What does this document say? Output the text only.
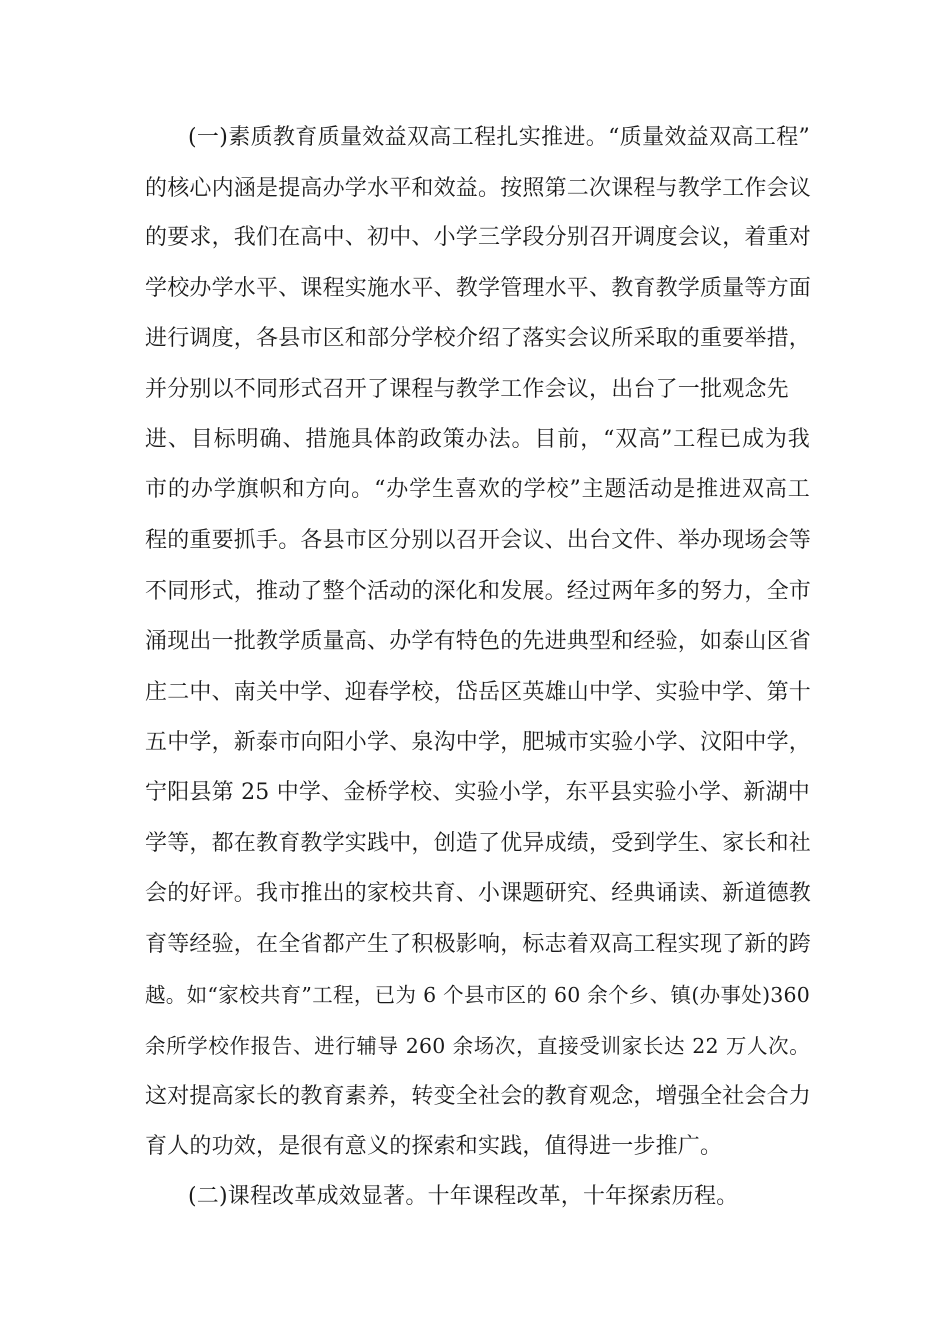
(一)素质教育质量效益双高工程扎实推进。“质量效益双高工程”
的核心内涵是提高办学水平和效益。按照第二次课程与教学工作会议
的要求，我们在高中、初中、小学三学段分别召开调度会议，着重对
学校办学水平、课程实施水平、教学管理水平、教育教学质量等方面
进行调度，各县市区和部分学校介绍了落实会议所采取的重要举措，
并分别以不同形式召开了课程与教学工作会议，出台了一批观念先
进、目标明确、措施具体韵政策办法。目前，“双高”工程已成为我
市的办学旗帜和方向。“办学生喜欢的学校”主题活动是推进双高工
程的重要抓手。各县市区分别以召开会议、出台文件、举办现场会等
不同形式，推动了整个活动的深化和发展。经过两年多的努力，全市
涌现出一批教学质量高、办学有特色的先进典型和经验，如泰山区省
庄二中、南关中学、迎春学校，岱岳区英雄山中学、实验中学、第十
五中学，新泰市向阳小学、泉沟中学，肥城市实验小学、汶阳中学，
宁阳县第 25 中学、金桥学校、实验小学，东平县实验小学、新湖中
学等，都在教育教学实践中，创造了优异成绩，受到学生、家长和社
会的好评。我市推出的家校共育、小课题研究、经典诵读、新道德教
育等经验，在全省都产生了积极影响，标志着双高工程实现了新的跨
越。如“家校共育”工程，已为 6 个县市区的 60 余个乡、镇(办事处)360
余所学校作报告、进行辅导 260 余场次，直接受训家长达 22 万人次。
这对提高家长的教育素养，转变全社会的教育观念，增强全社会合力
育人的功效，是很有意义的探索和实践，值得进一步推广。
(二)课程改革成效显著。十年课程改革，十年探索历程。
